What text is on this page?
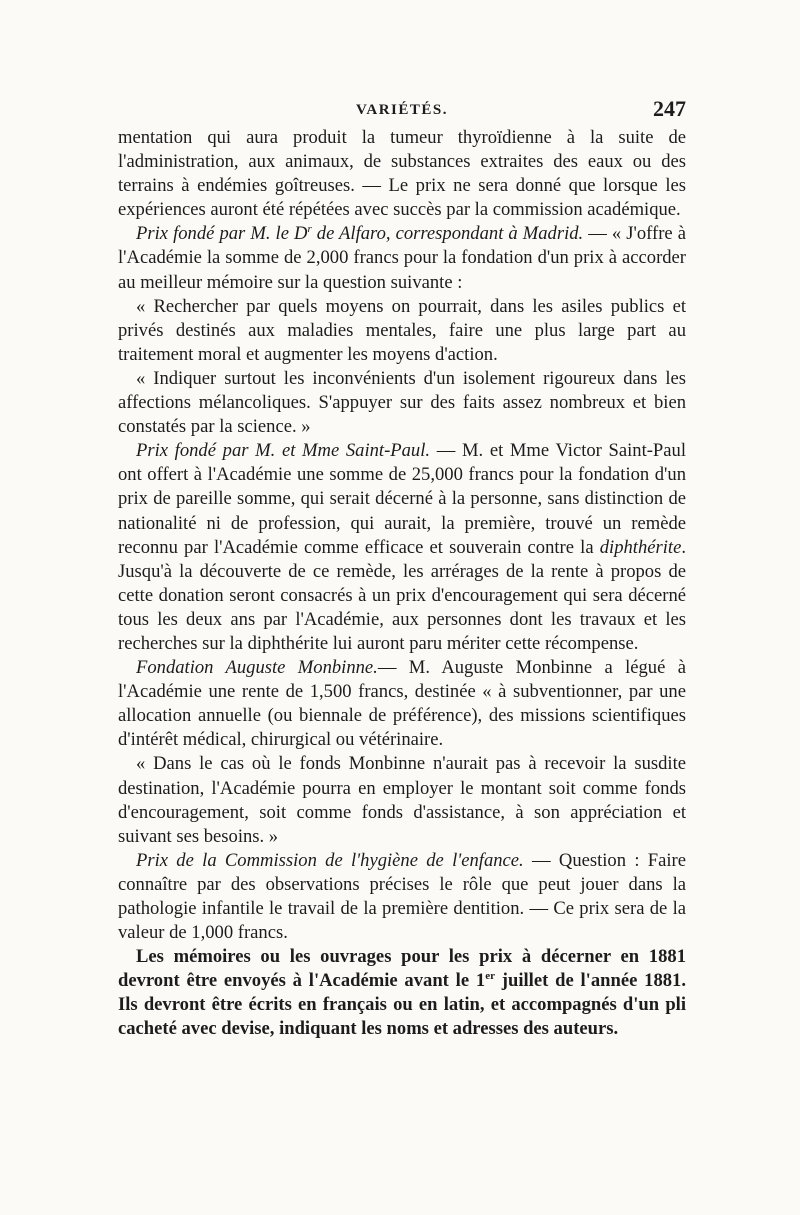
VARIÉTÉS.	247

mentation qui aura produit la tumeur thyroïdienne à la suite de l'administration, aux animaux, de substances extraites des eaux ou des terrains à endémies goîtreuses. — Le prix ne sera donné que lorsque les expériences auront été répétées avec succès par la commission académique.

Prix fondé par M. le $D^r$ de Alfaro, correspondant à Madrid. — « J'offre à l'Académie la somme de 2,000 francs pour la fondation d'un prix à accorder au meilleur mémoire sur la question suivante :

« Rechercher par quels moyens on pourrait, dans les asiles publics et privés destinés aux maladies mentales, faire une plus large part au traitement moral et augmenter les moyens d'action.

« Indiquer surtout les inconvénients d'un isolement rigoureux dans les affections mélancoliques. S'appuyer sur des faits assez nombreux et bien constatés par la science. »

Prix fondé par M. et Mme Saint-Paul. — M. et Mme Victor Saint-Paul ont offert à l'Académie une somme de 25,000 francs pour la fondation d'un prix de pareille somme, qui serait décerné à la personne, sans distinction de nationalité ni de profession, qui aurait, la première, trouvé un remède reconnu par l'Académie comme efficace et souverain contre la diphthérite. Jusqu'à la découverte de ce remède, les arrérages de la rente à propos de cette donation seront consacrés à un prix d'encouragement qui sera décerné tous les deux ans par l'Académie, aux personnes dont les travaux et les recherches sur la diphthérite lui auront paru mériter cette récompense.

Fondation Auguste Monbinne.— M. Auguste Monbinne a légué à l'Académie une rente de 1,500 francs, destinée « à subventionner, par une allocation annuelle (ou biennale de préférence), des missions scientifiques d'intérêt médical, chirurgical ou vétérinaire.

« Dans le cas où le fonds Monbinne n'aurait pas à recevoir la susdite destination, l'Académie pourra en employer le montant soit comme fonds d'encouragement, soit comme fonds d'assistance, à son appréciation et suivant ses besoins. »

Prix de la Commission de l'hygiène de l'enfance. — Question : Faire connaître par des observations précises le rôle que peut jouer dans la pathologie infantile le travail de la première dentition. — Ce prix sera de la valeur de 1,000 francs.

Les mémoires ou les ouvrages pour les prix à décerner en 1881 devront être envoyés à l'Académie avant le 1er juillet de l'année 1881. Ils devront être écrits en français ou en latin, et accompagnés d'un pli cacheté avec devise, indiquant les noms et adresses des auteurs.
